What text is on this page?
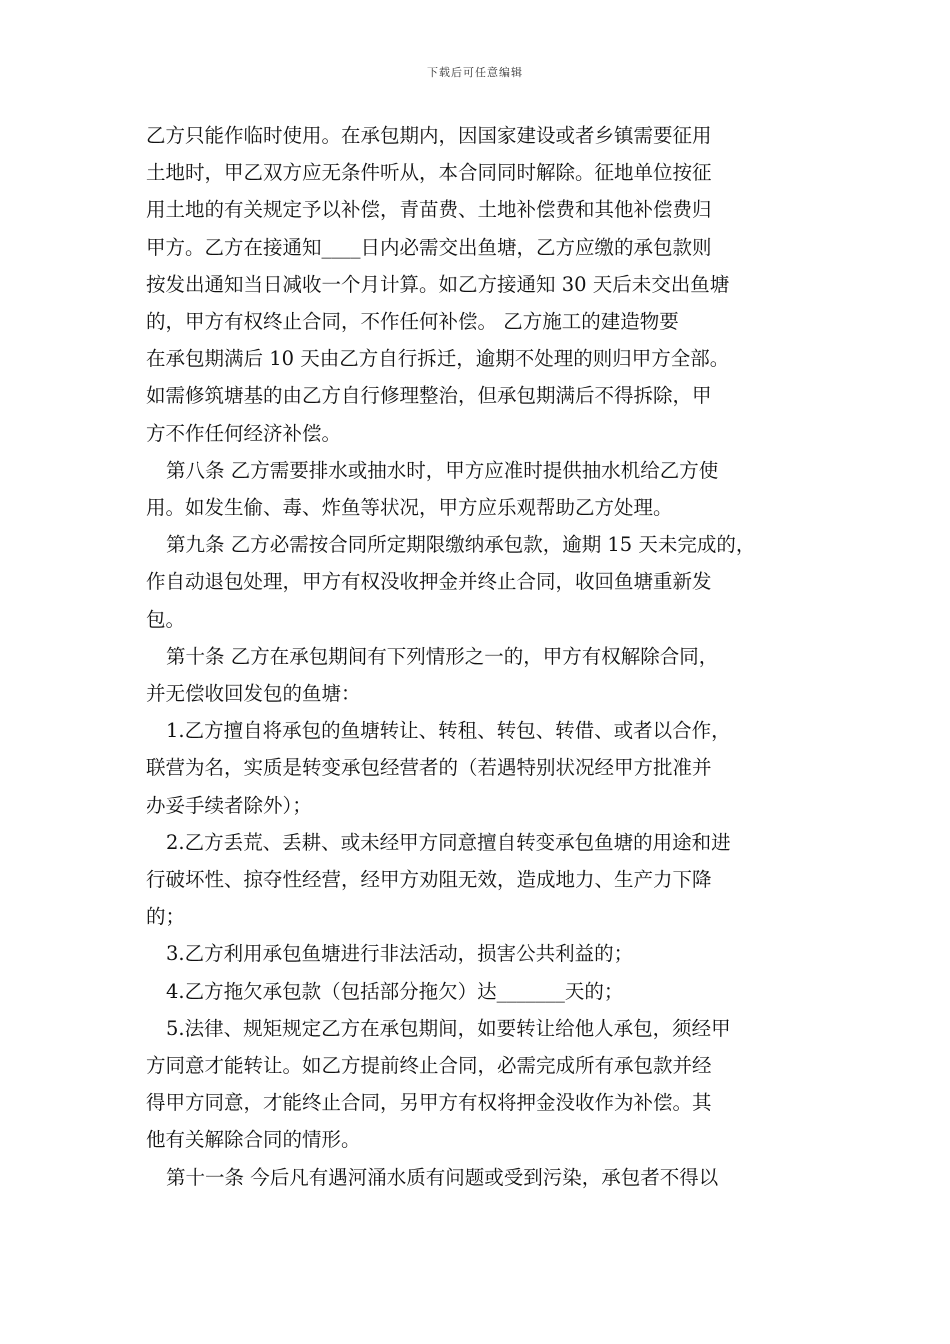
下载后可任意编辑

乙方只能作临时使用。在承包期内，因国家建设或者乡镇需要征用

土地时，甲乙双方应无条件听从，本合同同时解除。征地单位按征

用土地的有关规定予以补偿，青苗费、土地补偿费和其他补偿费归

甲方。乙方在接通知____日内必需交出鱼塘，乙方应缴的承包款则

按发出通知当日减收一个月计算。如乙方接通知 30 天后未交出鱼塘

的，甲方有权终止合同，不作任何补偿。 乙方施工的建造物要

在承包期满后 10 天由乙方自行拆迁，逾期不处理的则归甲方全部。

如需修筑塘基的由乙方自行修理整治，但承包期满后不得拆除，甲

方不作任何经济补偿。

第八条 乙方需要排水或抽水时，甲方应准时提供抽水机给乙方使

用。如发生偷、毒、炸鱼等状况，甲方应乐观帮助乙方处理。

第九条 乙方必需按合同所定期限缴纳承包款，逾期 15 天未完成的，

作自动退包处理，甲方有权没收押金并终止合同，收回鱼塘重新发

包。

第十条 乙方在承包期间有下列情形之一的，甲方有权解除合同，

并无偿收回发包的鱼塘：

1.乙方擅自将承包的鱼塘转让、转租、转包、转借、或者以合作，

联营为名，实质是转变承包经营者的（若遇特别状况经甲方批准并

办妥手续者除外）；

2.乙方丢荒、丢耕、或未经甲方同意擅自转变承包鱼塘的用途和进

行破坏性、掠夺性经营，经甲方劝阻无效，造成地力、生产力下降

的；

3.乙方利用承包鱼塘进行非法活动，损害公共利益的；

4.乙方拖欠承包款（包括部分拖欠）达_______天的；

5.法律、规矩规定乙方在承包期间，如要转让给他人承包，须经甲

方同意才能转让。如乙方提前终止合同，必需完成所有承包款并经

得甲方同意，才能终止合同，另甲方有权将押金没收作为补偿。其

他有关解除合同的情形。

第十一条 今后凡有遇河涌水质有问题或受到污染，承包者不得以
